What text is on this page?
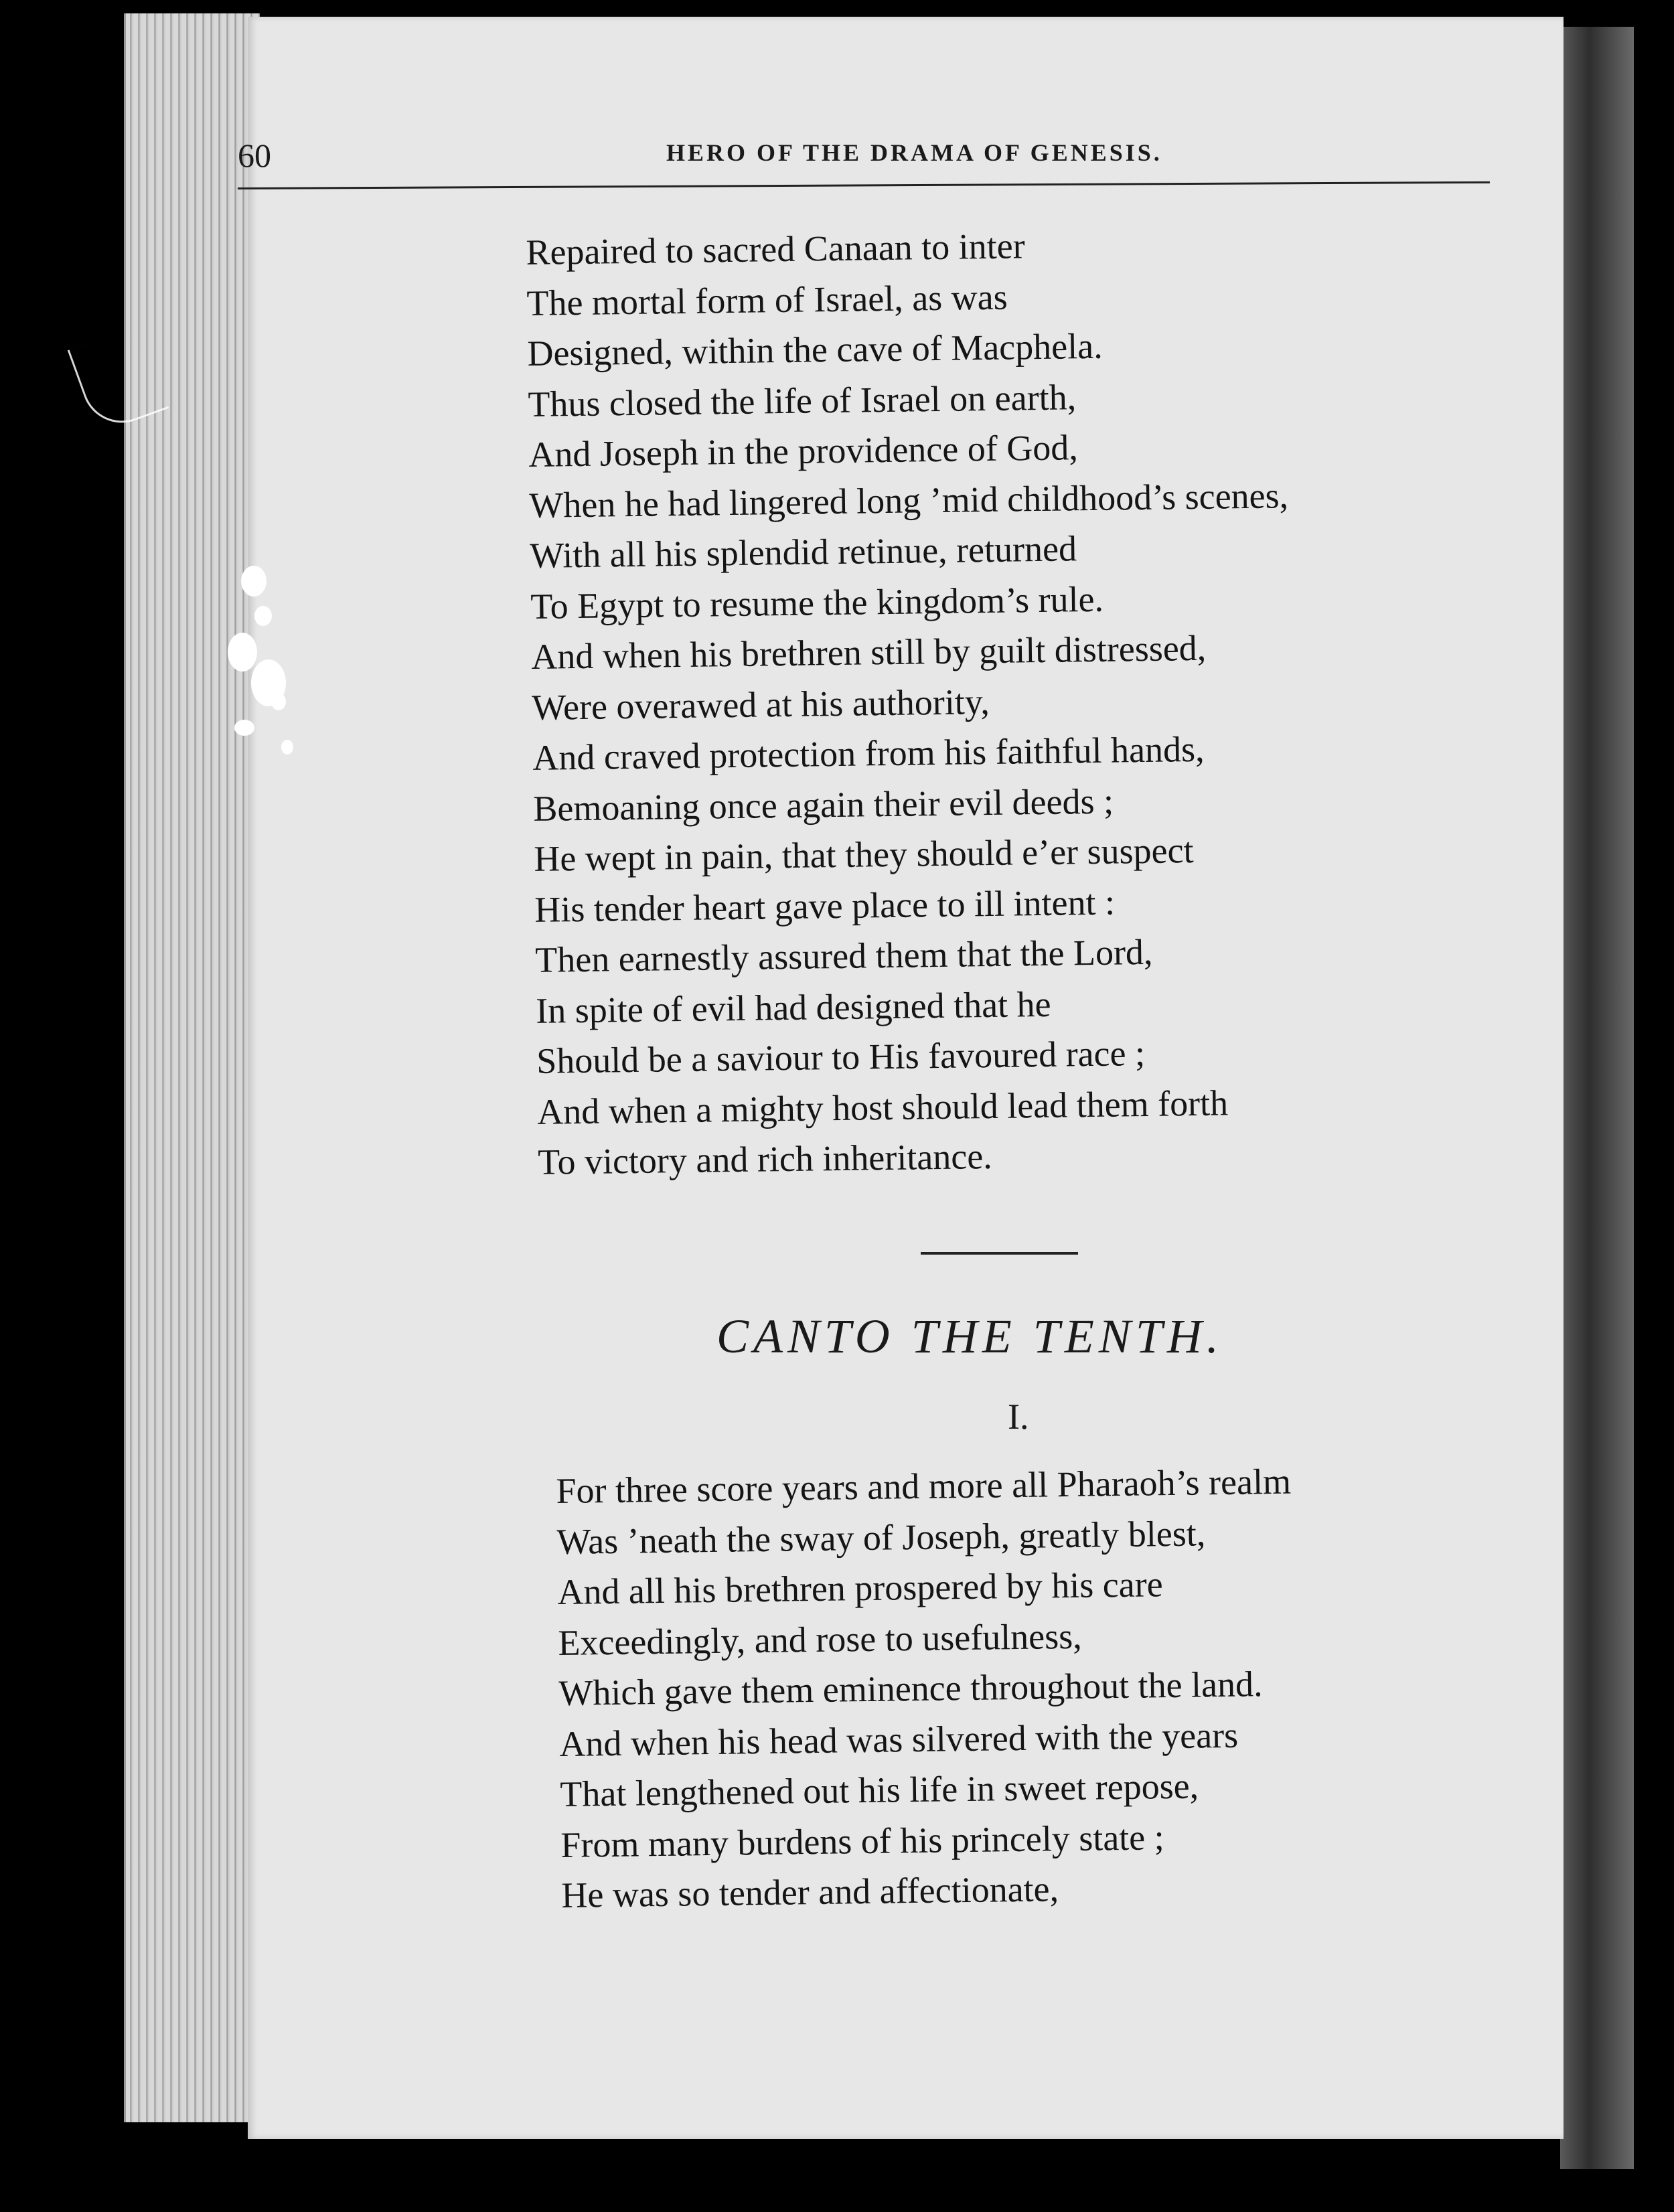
60	HERO OF THE DRAMA OF GENESIS.
Repaired to sacred Canaan to inter
The mortal form of Israel, as was
Designed, within the cave of Macphela.
Thus closed the life of Israel on earth,
And Joseph in the providence of God,
When he had lingered long ’mid childhood’s scenes,
With all his splendid retinue, returned
To Egypt to resume the kingdom’s rule.
And when his brethren still by guilt distressed,
Were overawed at his authority,
And craved protection from his faithful hands,
Bemoaning once again their evil deeds ;
He wept in pain, that they should e’er suspect
His tender heart gave place to ill intent :
Then earnestly assured them that the Lord,
In spite of evil had designed that he
Should be a saviour to His favoured race ;
And when a mighty host should lead them forth
To victory and rich inheritance.
CANTO THE TENTH.
I.
For three score years and more all Pharaoh’s realm
Was ’neath the sway of Joseph, greatly blest,
And all his brethren prospered by his care
Exceedingly, and rose to usefulness,
Which gave them eminence throughout the land.
And when his head was silvered with the years
That lengthened out his life in sweet repose,
From many burdens of his princely state ;
He was so tender and affectionate,
